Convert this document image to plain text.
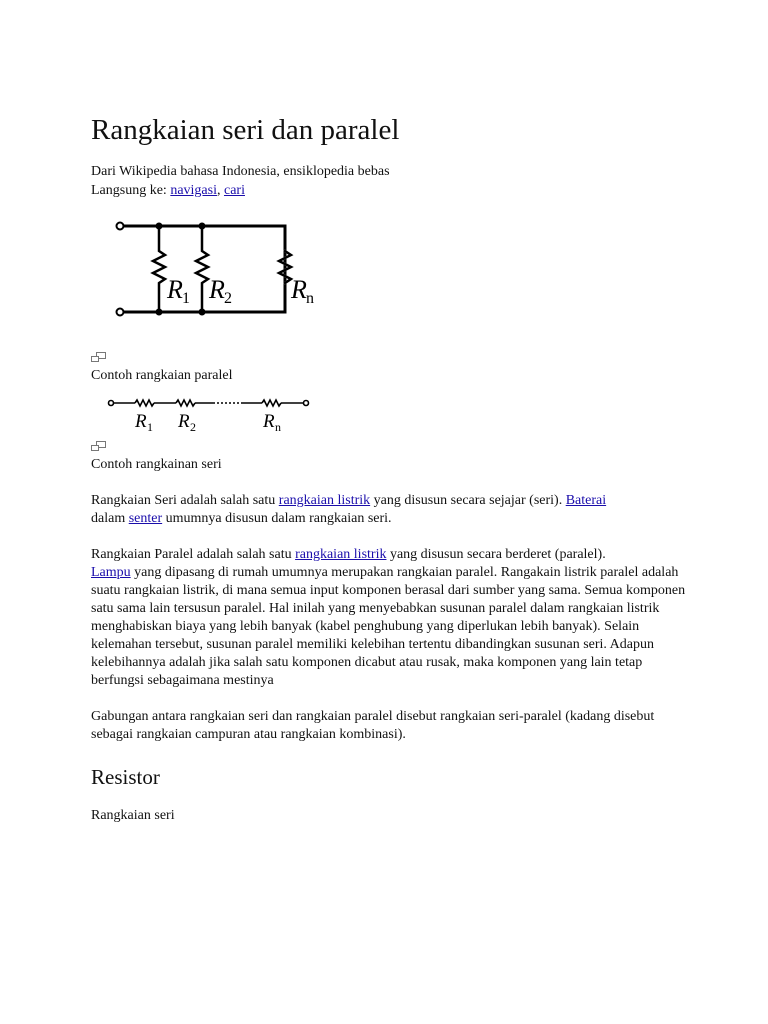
Rangkaian seri dan paralel
Dari Wikipedia bahasa Indonesia, ensiklopedia bebas
Langsung ke: navigasi, cari
R 1 R 2 R n
Contoh rangkaian paralel
R 1 R 2	R n
Contoh rangkainan seri

Rangkaian Seri adalah salah satu rangkaian listrik yang disusun secara sejajar (seri). Baterai
dalam senter umumnya disusun dalam rangkaian seri.

Rangkaian Paralel adalah salah satu rangkaian listrik yang disusun secara berderet (paralel).
Lampu yang dipasang di rumah umumnya merupakan rangkaian paralel. Rangakain listrik paralel adalah suatu rangkaian listrik, di mana semua input komponen berasal dari sumber yang sama. Semua komponen satu sama lain tersusun paralel. Hal inilah yang menyebabkan susunan paralel dalam rangkaian listrik menghabiskan biaya yang lebih banyak (kabel penghubung yang diperlukan lebih banyak). Selain kelemahan tersebut, susunan paralel memiliki kelebihan tertentu dibandingkan susunan seri. Adapun kelebihannya adalah jika salah satu komponen dicabut atau rusak, maka komponen yang lain tetap berfungsi sebagaimana mestinya

Gabungan antara rangkaian seri dan rangkaian paralel disebut rangkaian seri-paralel (kadang disebut sebagai rangkaian campuran atau rangkaian kombinasi).

Resistor

Rangkaian seri
